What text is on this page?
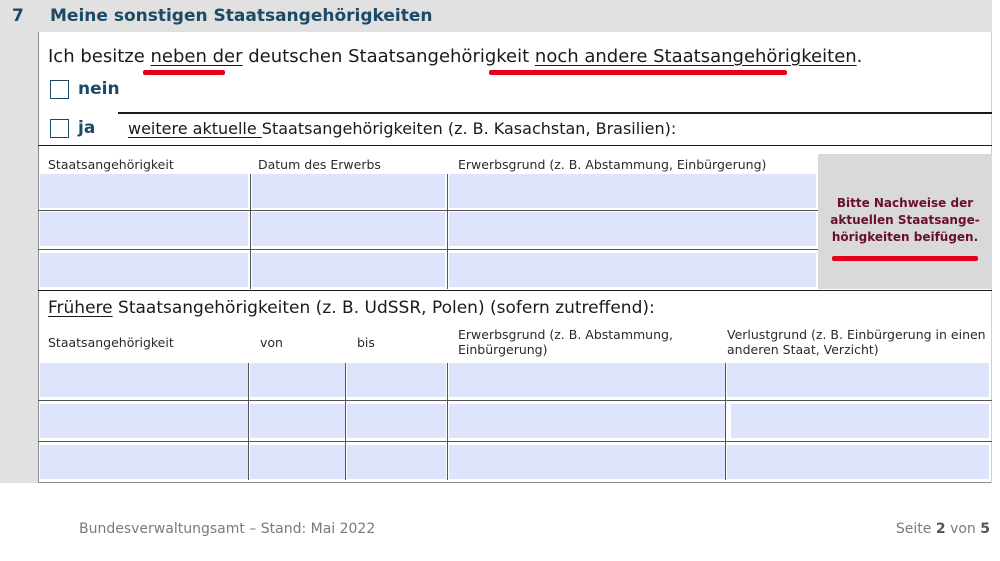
7 Meine sonstigen Staatsangehörigkeiten
Ich besitze neben der deutschen Staatsangehörigkeit noch andere Staatsangehörigkeiten.
nein
ja weitere aktuelle Staatsangehörigkeiten (z. B. Kasachstan, Brasilien):
Staatsangehörigkeit	Datum des Erwerbs	Erwerbsgrund (z. B. Abstammung, Einbürgerung)
Bitte Nachweise der
aktuellen Staatsange-
hörigkeiten beifügen.
Frühere Staatsangehörigkeiten (z. B. UdSSR, Polen) (sofern zutreffend):
Staatsangehörigkeit	von	bis
Erwerbsgrund (z. B. Abstammung,
Einbürgerung)
Verlustgrund (z. B. Einbürgerung in einen
anderen Staat, Verzicht)
Bundesverwaltungsamt – Stand: Mai 2022	Seite 2 von 5
